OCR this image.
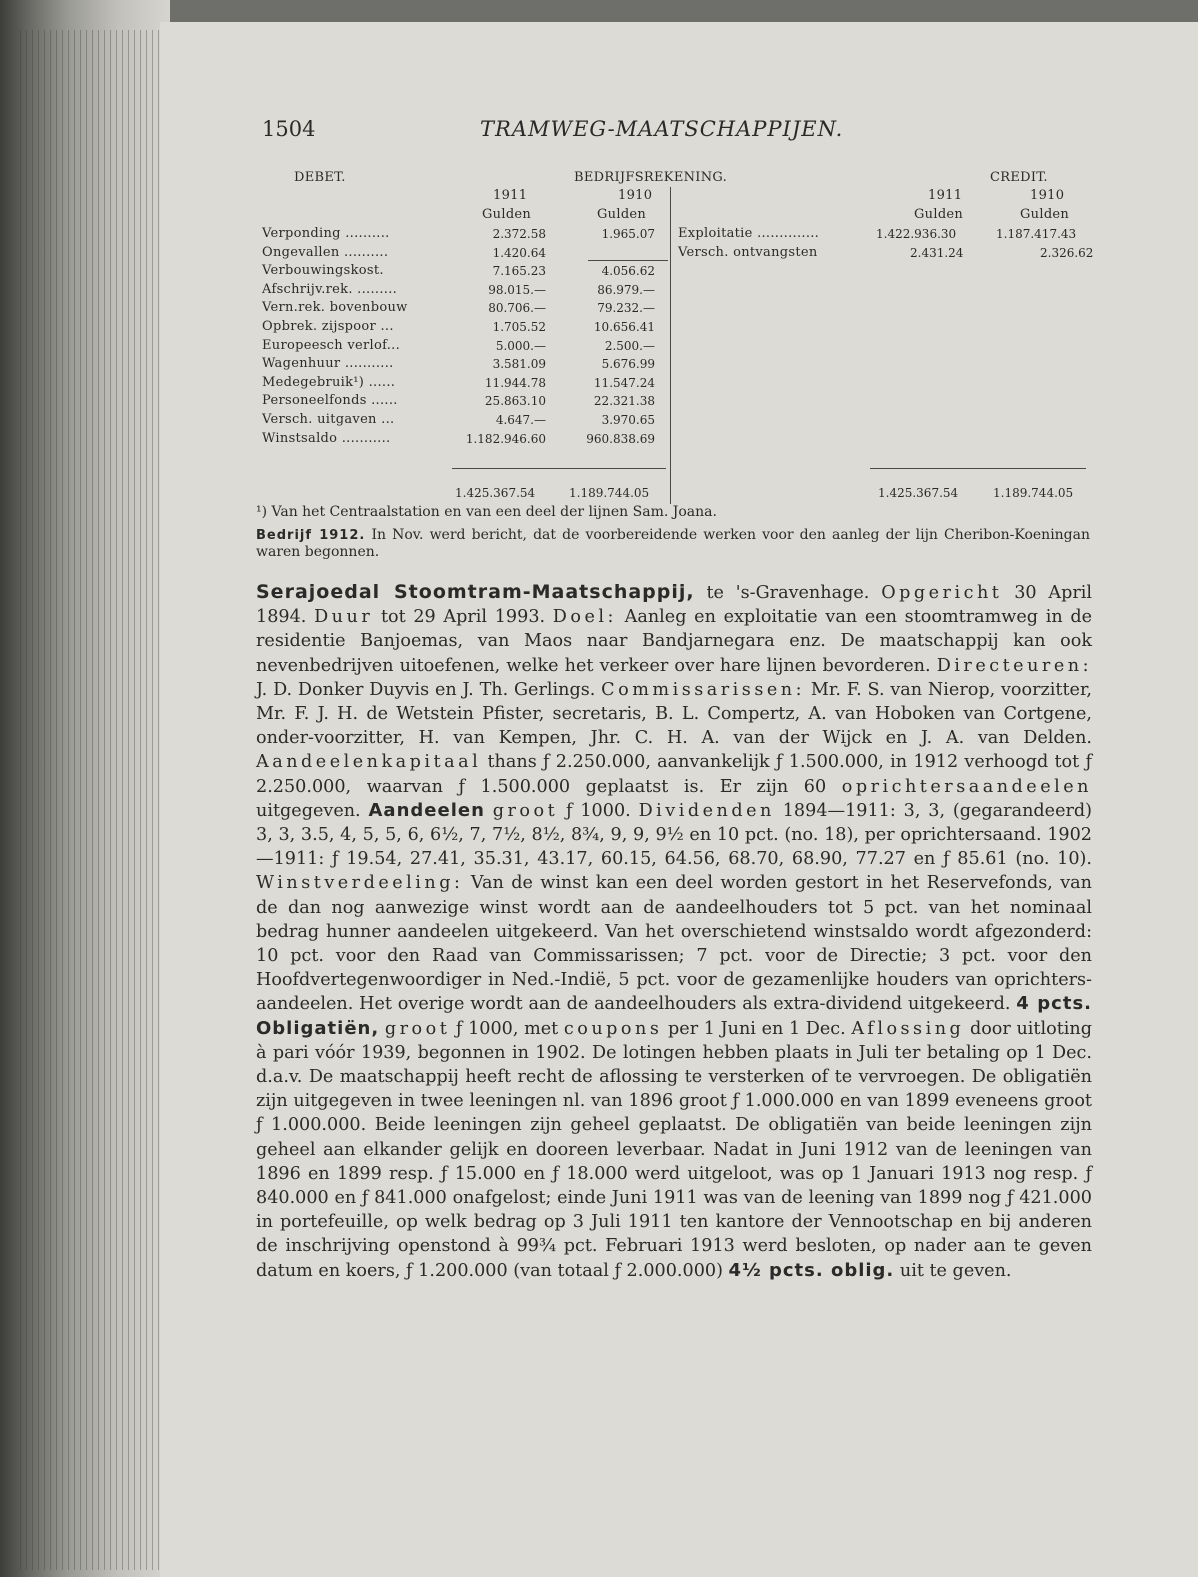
1504	TRAMWEG-MAATSCHAPPIJEN.
DEBET.	BEDRIJFSREKENING.	CREDIT.
1911	1910	1911	1910
Gulden	Gulden	Gulden	Gulden
Verponding ..........	2.372.58	1.965.07
Ongevallen ..........	1.420.64
Verbouwingskost.	7.165.23	4.056.62
Afschrijv.rek. .........	98.015.—	86.979.—
Vern.rek. bovenbouw	80.706.—	79.232.—
Opbrek. zijspoor ...	1.705.52	10.656.41
Europeesch verlof...	5.000.—	2.500.—
Wagenhuur ...........	3.581.09	5.676.99
Medegebruik¹) ......	11.944.78	11.547.24
Personeelfonds ......	25.863.10	22.321.38
Versch. uitgaven ...	4.647.—	3.970.65
Winstsaldo ...........	1.182.946.60	960.838.69
Exploitatie ..............	1.422.936.30	1.187.417.43
Versch. ontvangsten	2.431.24	2.326.62
1.425.367.54	1.189.744.05	1.425.367.54	1.189.744.05
¹) Van het Centraalstation en van een deel der lijnen Sam. Joana.
Bedrijf 1912. In Nov. werd bericht, dat de voorbereidende werken voor den aanleg der lijn Cheribon-Koeningan waren begonnen.

Serajoedal Stoomtram-Maatschappij, te 's-Gravenhage. Opgericht 30 April 1894. Duur tot 29 April 1993. Doel: Aanleg en exploitatie van een stoomtramweg in de residentie Banjoemas, van Maos naar Bandjarnegara enz. De maatschappij kan ook nevenbedrijven uitoefenen, welke het verkeer over hare lijnen bevorderen. Directeuren: J. D. Donker Duyvis en J. Th. Gerlings. Commissarissen: Mr. F. S. van Nierop, voorzitter, Mr. F. J. H. de Wetstein Pfister, secretaris, B. L. Compertz, A. van Hoboken van Cortgene, onder-voorzitter, H. van Kempen, Jhr. C. H. A. van der Wijck en J. A. van Delden. Aandeelenkapitaal thans ƒ 2.250.000, aanvankelijk ƒ 1.500.000, in 1912 verhoogd tot ƒ 2.250.000, waarvan ƒ 1.500.000 geplaatst is. Er zijn 60 oprichtersaandeelen uitgegeven. Aandeelen groot ƒ 1000. Dividenden 1894—1911: 3, 3, (gegarandeerd) 3, 3, 3.5, 4, 5, 5, 6, 6½, 7, 7½, 8½, 8¾, 9, 9, 9½ en 10 pct. (no. 18), per oprichtersaand. 1902—1911: ƒ 19.54, 27.41, 35.31, 43.17, 60.15, 64.56, 68.70, 68.90, 77.27 en ƒ 85.61 (no. 10). Winstverdeeling: Van de winst kan een deel worden gestort in het Reservefonds, van de dan nog aanwezige winst wordt aan de aandeelhouders tot 5 pct. van het nominaal bedrag hunner aandeelen uitgekeerd. Van het overschietend winstsaldo wordt afgezonderd: 10 pct. voor den Raad van Commissarissen; 7 pct. voor de Directie; 3 pct. voor den Hoofdvertegenwoordiger in Ned.-Indië, 5 pct. voor de gezamenlijke houders van oprichters-aandeelen. Het overige wordt aan de aandeelhouders als extra-dividend uitgekeerd. 4 pcts. Obligatiën, groot ƒ 1000, met coupons per 1 Juni en 1 Dec. Aflossing door uitloting à pari vóór 1939, begonnen in 1902. De lotingen hebben plaats in Juli ter betaling op 1 Dec. d.a.v. De maatschappij heeft recht de aflossing te versterken of te vervroegen. De obligatiën zijn uitgegeven in twee leeningen nl. van 1896 groot ƒ 1.000.000 en van 1899 eveneens groot ƒ 1.000.000. Beide leeningen zijn geheel geplaatst. De obligatiën van beide leeningen zijn geheel aan elkander gelijk en dooreen leverbaar. Nadat in Juni 1912 van de leeningen van 1896 en 1899 resp. ƒ 15.000 en ƒ 18.000 werd uitgeloot, was op 1 Januari 1913 nog resp. ƒ 840.000 en ƒ 841.000 onafgelost; einde Juni 1911 was van de leening van 1899 nog ƒ 421.000 in portefeuille, op welk bedrag op 3 Juli 1911 ten kantore der Vennootschap en bij anderen de inschrijving openstond à 99¾ pct. Februari 1913 werd besloten, op nader aan te geven datum en koers, ƒ 1.200.000 (van totaal ƒ 2.000.000) 4½ pcts. oblig. uit te geven.
